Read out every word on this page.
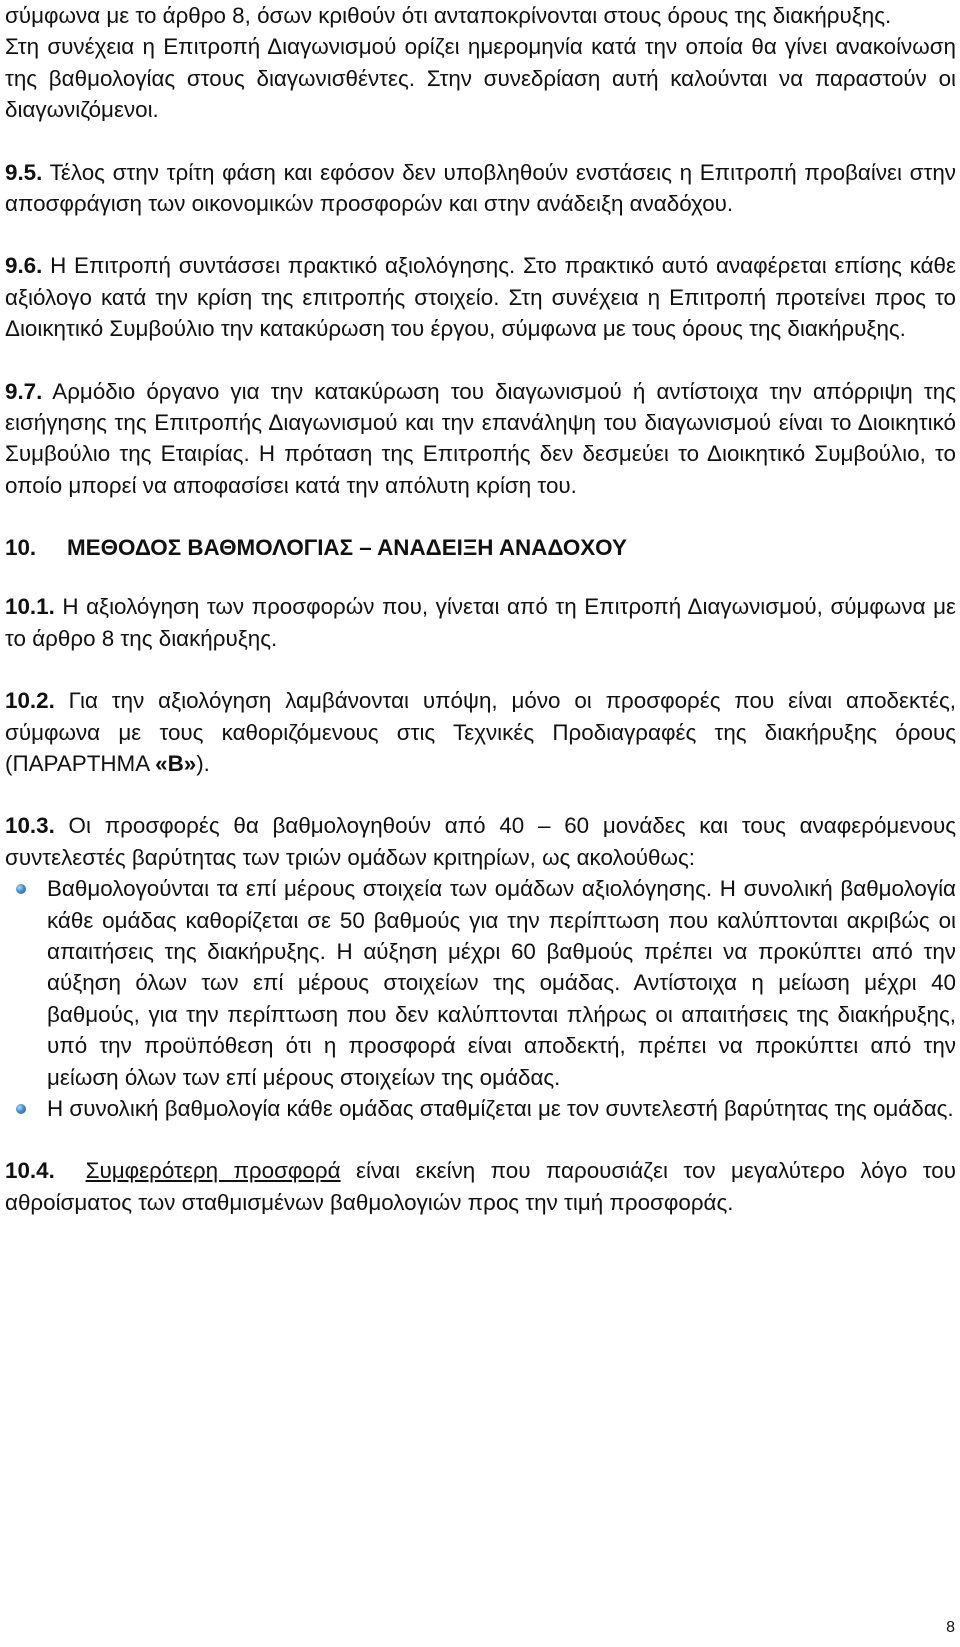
σύμφωνα με το άρθρο 8, όσων κριθούν ότι ανταποκρίνονται στους όρους της διακήρυξης.

Στη συνέχεια η Επιτροπή Διαγωνισμού ορίζει ημερομηνία κατά την οποία θα γίνει ανακοίνωση της βαθμολογίας στους διαγωνισθέντες. Στην συνεδρίαση αυτή καλούνται να παραστούν οι διαγωνιζόμενοι.

9.5. Τέλος στην τρίτη φάση και εφόσον δεν υποβληθούν ενστάσεις η Επιτροπή προβαίνει στην αποσφράγιση των οικονομικών προσφορών και στην ανάδειξη αναδόχου.

9.6. Η Επιτροπή συντάσσει πρακτικό αξιολόγησης. Στο πρακτικό αυτό αναφέρεται επίσης κάθε αξιόλογο κατά την κρίση της επιτροπής στοιχείο. Στη συνέχεια η Επιτροπή προτείνει προς το Διοικητικό Συμβούλιο την κατακύρωση του έργου, σύμφωνα με τους όρους της διακήρυξης.

9.7. Αρμόδιο όργανο για την κατακύρωση του διαγωνισμού ή αντίστοιχα την απόρριψη της εισήγησης της Επιτροπής Διαγωνισμού και την επανάληψη του διαγωνισμού είναι το Διοικητικό Συμβούλιο της Εταιρίας. Η πρόταση της Επιτροπής δεν δεσμεύει το Διοικητικό Συμβούλιο, το οποίο μπορεί να αποφασίσει κατά την απόλυτη κρίση του.

10. ΜΕΘΟΔΟΣ ΒΑΘΜΟΛΟΓΙΑΣ – ΑΝΑΔΕΙΞΗ ΑΝΑΔΟΧΟΥ

10.1. Η αξιολόγηση των προσφορών που, γίνεται από τη Επιτροπή Διαγωνισμού, σύμφωνα με το άρθρο 8 της διακήρυξης.

10.2. Για την αξιολόγηση λαμβάνονται υπόψη, μόνο οι προσφορές που είναι αποδεκτές, σύμφωνα με τους καθοριζόμενους στις Τεχνικές Προδιαγραφές της διακήρυξης όρους (ΠΑΡΑΡΤΗΜΑ «Β»).

10.3. Οι προσφορές θα βαθμολογηθούν από 40 – 60 μονάδες και τους αναφερόμενους συντελεστές βαρύτητας των τριών ομάδων κριτηρίων, ως ακολούθως:

Βαθμολογούνται τα επί μέρους στοιχεία των ομάδων αξιολόγησης. Η συνολική βαθμολογία κάθε ομάδας καθορίζεται σε 50 βαθμούς για την περίπτωση που καλύπτονται ακριβώς οι απαιτήσεις της διακήρυξης. Η αύξηση μέχρι 60 βαθμούς πρέπει να προκύπτει από την αύξηση όλων των επί μέρους στοιχείων της ομάδας. Αντίστοιχα η μείωση μέχρι 40 βαθμούς, για την περίπτωση που δεν καλύπτονται πλήρως οι απαιτήσεις της διακήρυξης, υπό την προϋπόθεση ότι η προσφορά είναι αποδεκτή, πρέπει να προκύπτει από την μείωση όλων των επί μέρους στοιχείων της ομάδας.
Η συνολική βαθμολογία κάθε ομάδας σταθμίζεται με τον συντελεστή βαρύτητας της ομάδας.

10.4. Συμφερότερη προσφορά είναι εκείνη που παρουσιάζει τον μεγαλύτερο λόγο του αθροίσματος των σταθμισμένων βαθμολογιών προς την τιμή προσφοράς.

8
